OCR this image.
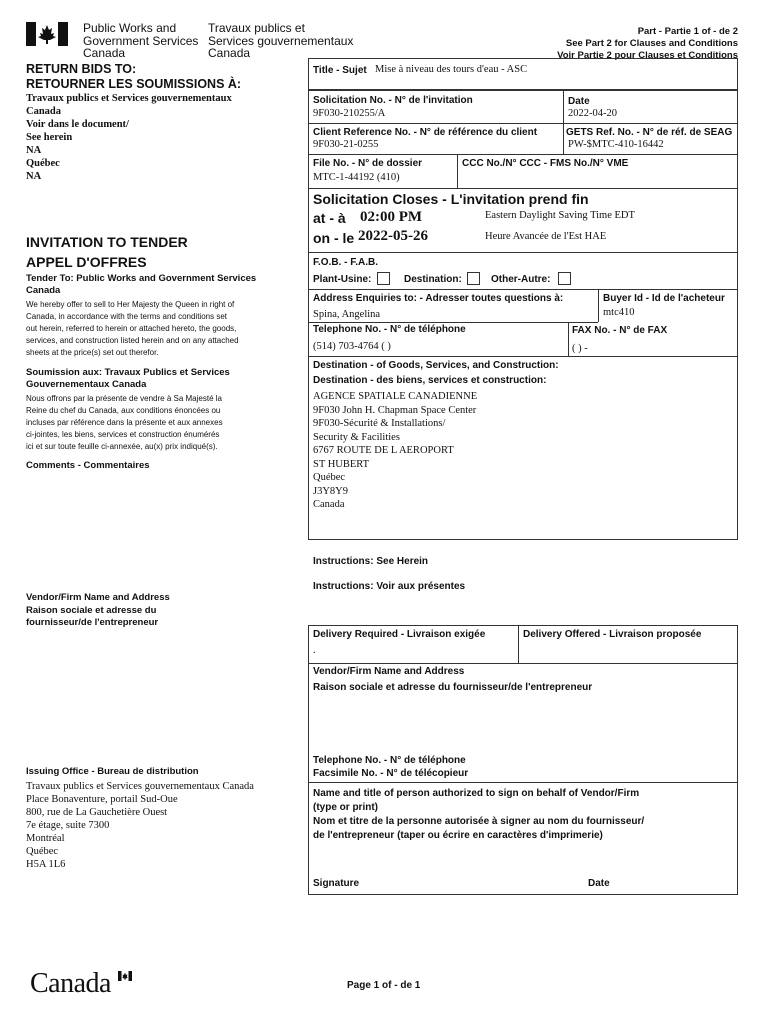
Public Works and
Government Services
Canada
Travaux publics et
Services gouvernementaux
Canada
Part - Partie 1 of - de 2
See Part 2 for Clauses and Conditions
Voir Partie 2 pour Clauses et Conditions
RETURN BIDS TO:
RETOURNER LES SOUMISSIONS À:
Travaux publics et Services gouvernementaux
Canada
Voir dans le document/
See herein
NA
Québec
NA
INVITATION TO TENDER
APPEL D'OFFRES
Tender To: Public Works and Government Services Canada
We hereby offer to sell to Her Majesty the Queen in right of
Canada, in accordance with the terms and conditions set
out herein, referred to herein or attached hereto, the goods,
services, and construction listed herein and on any attached
sheets at the price(s) set out therefor.
Soumission aux: Travaux Publics et Services Gouvernementaux Canada
Nous offrons par la présente de vendre à Sa Majesté la
Reine du chef du Canada, aux conditions énoncées ou
incluses par référence dans la présente et aux annexes
ci-jointes, les biens, services et construction énumérés
ici et sur toute feuille ci-annexée, au(x) prix indiqué(s).
Comments - Commentaires
Vendor/Firm Name and Address
Raison sociale et adresse du
fournisseur/de l'entrepreneur
Issuing Office - Bureau de distribution
Travaux publics et Services gouvernementaux Canada
Place Bonaventure, portail Sud-Oue
800, rue de La Gauchetière Ouest
7e étage, suite 7300
Montréal
Québec
H5A 1L6
Title - Sujet Mise à niveau des tours d'eau - ASC
Solicitation No. - N° de l'invitation
9F030-210255/A
Date
2022-04-20
Client Reference No. - N° de référence du client
9F030-21-0255
GETS Ref. No. - N° de réf. de SEAG
PW-$MTC-410-16442
File No. - N° de dossier
MTC-1-44192 (410)
CCC No./N° CCC - FMS No./N° VME
Solicitation Closes - L'invitation prend fin
at - à 02:00 PM
on - le 2022-05-26
Eastern Daylight Saving Time EDT
Heure Avancée de l'Est HAE
F.O.B. - F.A.B.
Plant-Usine:	Destination:	Other-Autre:
Address Enquiries to: - Adresser toutes questions à:
Spina, Angelina
Buyer Id - Id de l'acheteur
mtc410
Telephone No. - N° de téléphone
(514) 703-4764 ( )
FAX No. - N° de FAX
( ) -
Destination - of Goods, Services, and Construction:
Destination - des biens, services et construction:
AGENCE SPATIALE CANADIENNE
9F030 John H. Chapman Space Center
9F030-Sécurité & Installations/
Security & Facilities
6767 ROUTE DE L AEROPORT
ST HUBERT
Québec
J3Y8Y9
Canada
Instructions: See Herein
Instructions: Voir aux présentes
Delivery Required - Livraison exigée
.
Delivery Offered - Livraison proposée
Vendor/Firm Name and Address
Raison sociale et adresse du fournisseur/de l'entrepreneur
Telephone No. - N° de téléphone
Facsimile No. - N° de télécopieur
Name and title of person authorized to sign on behalf of Vendor/Firm
(type or print)
Nom et titre de la personne autorisée à signer au nom du fournisseur/
de l'entrepreneur (taper ou écrire en caractères d'imprimerie)
Signature	Date
Canada	Page 1 of - de 1
